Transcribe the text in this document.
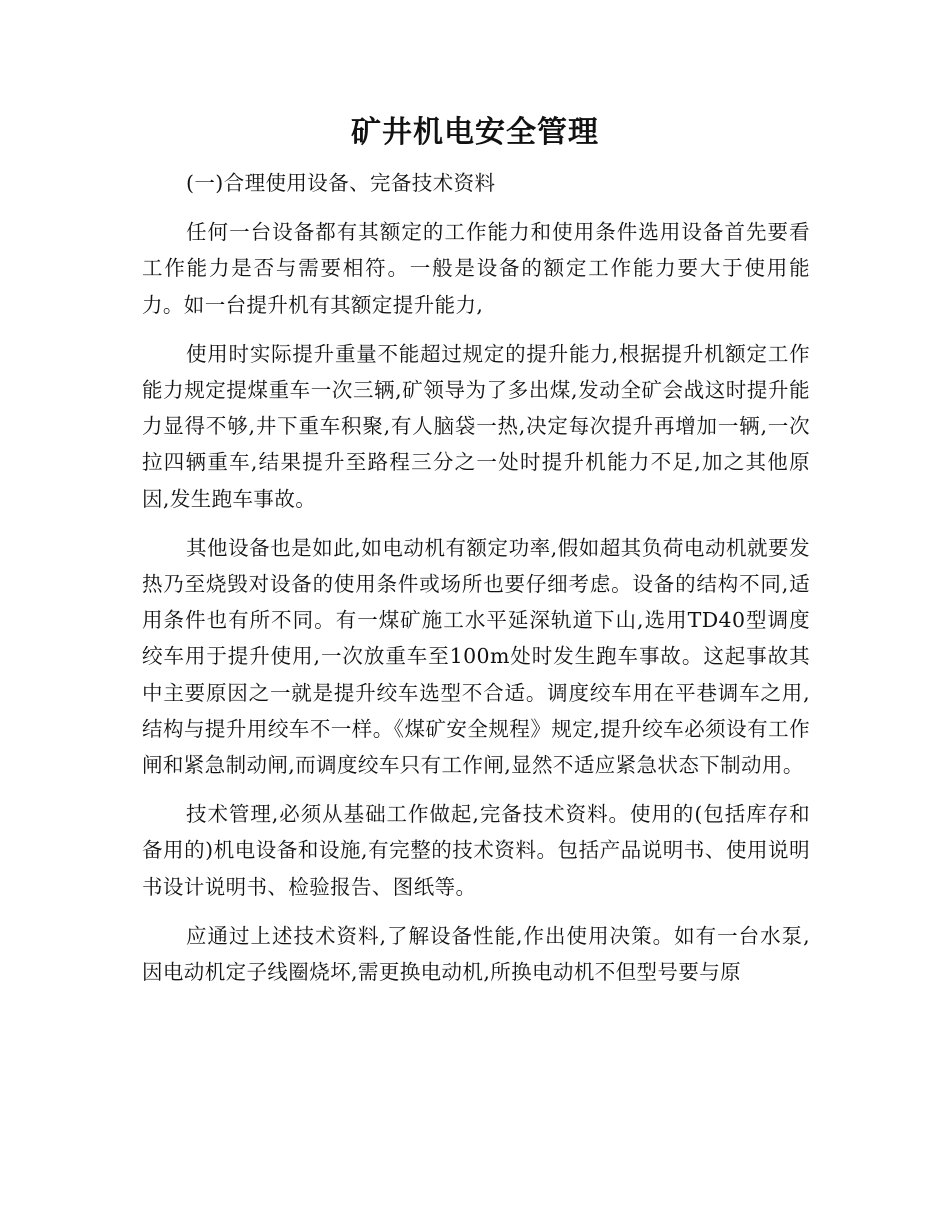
矿井机电安全管理

(一)合理使用设备、完备技术资料

任何一台设备都有其额定的工作能力和使用条件选用设备首先要看工作能力是否与需要相符。一般是设备的额定工作能力要大于使用能力。如一台提升机有其额定提升能力,

使用时实际提升重量不能超过规定的提升能力,根据提升机额定工作能力规定提煤重车一次三辆,矿领导为了多出煤,发动全矿会战这时提升能力显得不够,井下重车积聚,有人脑袋一热,决定每次提升再增加一辆,一次拉四辆重车,结果提升至路程三分之一处时提升机能力不足,加之其他原因,发生跑车事故。

其他设备也是如此,如电动机有额定功率,假如超其负荷电动机就要发热乃至烧毁对设备的使用条件或场所也要仔细考虑。设备的结构不同,适用条件也有所不同。有一煤矿施工水平延深轨道下山,选用TD40型调度绞车用于提升使用,一次放重车至100m处时发生跑车事故。这起事故其中主要原因之一就是提升绞车选型不合适。调度绞车用在平巷调车之用,结构与提升用绞车不一样。《煤矿安全规程》规定,提升绞车必须设有工作闸和紧急制动闸,而调度绞车只有工作闸,显然不适应紧急状态下制动用。

技术管理,必须从基础工作做起,完备技术资料。使用的(包括库存和备用的)机电设备和设施,有完整的技术资料。包括产品说明书、使用说明书设计说明书、检验报告、图纸等。

应通过上述技术资料,了解设备性能,作出使用决策。如有一台水泵,因电动机定子线圈烧坏,需更换电动机,所换电动机不但型号要与原
